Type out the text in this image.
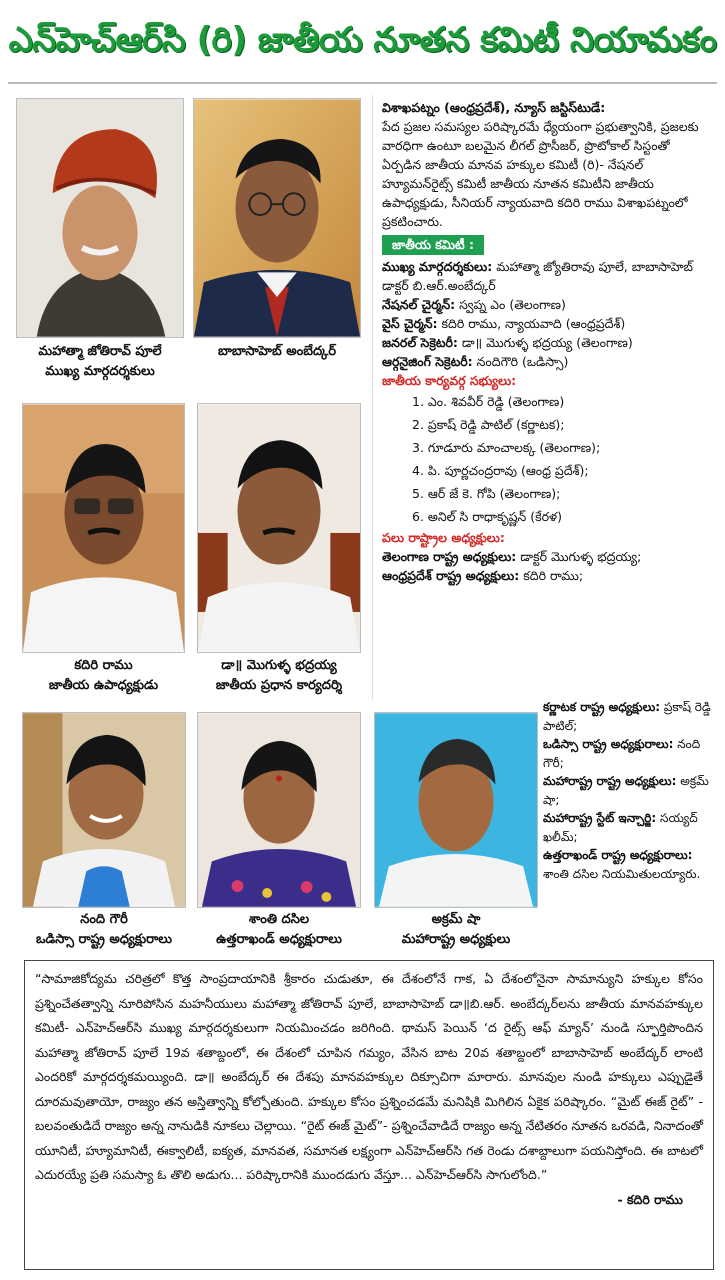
ఎన్‌హెచ్‌ఆర్‌సి (రి) జాతీయ నూతన కమిటీ నియామకం
మహాత్మా జోతిరావ్ పూలే
ముఖ్య మార్గదర్శకులు
బాబాసాహెబ్ అంబేద్కర్
కదిరి రాము
జాతీయ ఉపాధ్యక్షుడు
డా॥ మొగుళ్ళ భద్రయ్య
జాతీయ ప్రధాన కార్యదర్శి
నంది గౌరీ
ఒడిస్సా రాష్ట్ర అధ్యక్షురాలు
శాంతి దసిల
ఉత్తరాఖండ్ అధ్యక్షురాలు
అక్రమ్ షా
మహారాష్ట్ర అధ్యక్షులు
విశాఖపట్నం (ఆంధ్రప్రదేశ్), న్యూస్ జస్టిస్‌టుడే:
పేద ప్రజల సమస్యల పరిష్కారమే ధ్యేయంగా ప్రభుత్వానికి, ప్రజలకు వారధిగా ఉంటూ బలమైన లీగల్ ప్రొసీజర్, ప్రొటోకాల్ సిస్టంతో ఏర్పడిన జాతీయ మానవ హక్కుల కమిటీ (రి)- నేషనల్ హ్యూమన్‌రైట్స్ కమిటీ జాతీయ నూతన కమిటీని జాతీయ ఉపాధ్యక్షుడు, సీనియర్ న్యాయవాది కదిరి రాము విశాఖపట్నంలో ప్రకటించారు.
జాతీయ కమిటీ :
ముఖ్య మార్గదర్శకులు: మహాత్మా జ్యోతిరావు పూలే, బాబాసాహెబ్ డాక్టర్ బి.ఆర్.అంబేద్కర్
నేషనల్ చైర్మన్: స్వప్న ఎం (తెలంగాణ)
వైస్ చైర్మన్: కదిరి రాము, న్యాయవాది (ఆంధ్రప్రదేశ్)
జనరల్ సెక్రెటరీ: డా॥ మొగుళ్ళ భద్రయ్య (తెలంగాణ)
ఆర్గనైజింగ్ సెక్రెటరీ: నందిగౌరి (ఒడిస్సా)
జాతీయ కార్యవర్గ సభ్యులు:
1. ఎం. శివవీర్ రెడ్డి (తెలంగాణ)
2. ప్రకాష్ రెడ్డి పాటిల్ (కర్ణాటక);
3. గూడూరు మాంచాలక్క (తెలంగాణ);
4. పి. పూర్ణచంద్రరావు (ఆంధ్ర ప్రదేశ్);
5. ఆర్ జే కె. గోపి (తెలంగాణ);
6. అనిల్ సి రాధాకృష్ణన్ (కేరళ)
పలు రాష్ట్రాల అధ్యక్షులు:
తెలంగాణ రాష్ట్ర అధ్యక్షులు: డాక్టర్ మొగుళ్ళ భద్రయ్య;
ఆంధ్రప్రదేశ్ రాష్ట్ర అధ్యక్షులు: కదిరి రాము;
కర్ణాటక రాష్ట్ర అధ్యక్షులు: ప్రకాష్ రెడ్డి పాటిల్;
ఒడిస్సా రాష్ట్ర అధ్యక్షురాలు: నంది గౌరీ;
మహారాష్ట్ర రాష్ట్ర అధ్యక్షులు: అక్రమ్ షా;
మహారాష్ట్ర స్టేట్ ఇన్చార్జి: సయ్యద్ ఖలీమ్;
ఉత్తరాఖండ్ రాష్ట్ర అధ్యక్షురాలు: శాంతి దసిల నియమితులయ్యారు.
“సామాజికోద్యమ చరిత్రలో కొత్త సాంప్రదాయానికి శ్రీకారం చుడుతూ, ఈ దేశంలోనే గాక, ఏ దేశంలోనైనా సామాన్యుని హక్కుల కోసం ప్రశ్నించేతత్వాన్ని నూరిపోసిన మహనీయులు మహాత్మా జోతిరావ్ పూలే, బాబాసాహెబ్ డా॥బి.ఆర్. అంబేద్కర్‌లను జాతీయ మానవహక్కుల కమిటీ- ఎన్‌హెచ్‌ఆర్‌సి ముఖ్య మార్గదర్శకులుగా నియమించడం జరిగింది. థామస్ పెయిన్ ‘ద రైట్స్ ఆఫ్ మ్యాన్’ నుండి స్ఫూర్తిపొందిన మహాత్మా జోతిరావ్ పూలే 19వ శతాబ్దంలో, ఈ దేశంలో చూపిన గమ్యం, వేసిన బాట 20వ శతాబ్దంలో బాబాసాహెబ్ అంబేద్కర్ లాంటి ఎందరికో మార్గదర్శకమయ్యింది. డా॥ అంబేద్కర్ ఈ దేశపు మానవహక్కుల దిక్సూచిగా మారారు. మానవుల నుండి హక్కులు ఎప్పుడైతే దూరమవుతాయో, రాజ్యం తన అస్తిత్వాన్ని కోల్పోతుంది. హక్కుల కోసం ప్రశ్నించడమే మనిషికి మిగిలిన ఏకైక పరిష్కారం. “మైట్ ఈజ్ రైట్” - బలవంతుడిదే రాజ్యం అన్న నానుడికి నూకలు చెల్లాయి. “రైట్ ఈజ్ మైట్”- ప్రశ్నించేవాడిదే రాజ్యం అన్న నేటితరం నూతన ఒరవడి, నినాదంతో యూనిటీ, హ్యూమానిటీ, ఈక్వాలిటీ, ఐక్యత, మానవత, సమానత లక్ష్యంగా ఎన్‌హెచ్‌ఆర్‌సి గత రెండు దశాబ్దాలుగా పయనిస్తోంది. ఈ బాటలో ఎదురయ్యే ప్రతి సమస్యా ఓ తొలి అడుగు... పరిష్కారానికి ముందడుగు వేస్తూ... ఎన్‌హెచ్‌ఆర్‌సి సాగులోంది.”
- కదిరి రాము
